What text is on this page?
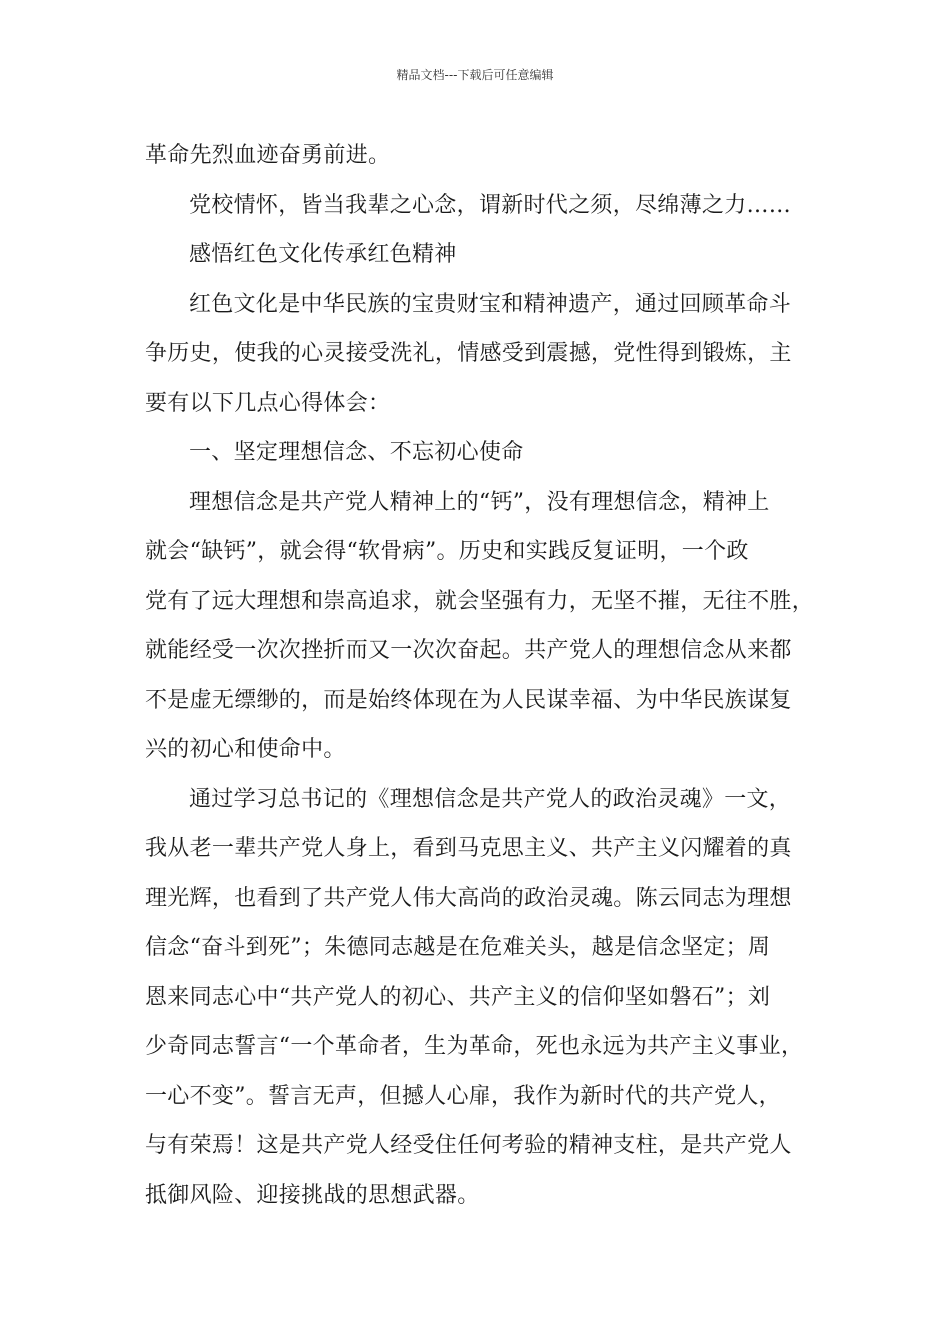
精品文档---下载后可任意编辑
革命先烈血迹奋勇前进。
党校情怀，皆当我辈之心念，谓新时代之须，尽绵薄之力……
感悟红色文化传承红色精神
红色文化是中华民族的宝贵财宝和精神遗产，通过回顾革命斗
争历史，使我的心灵接受洗礼，情感受到震撼，党性得到锻炼，主
要有以下几点心得体会：
一、坚定理想信念、不忘初心使命
理想信念是共产党人精神上的“钙”，没有理想信念，精神上
就会“缺钙”，就会得“软骨病”。历史和实践反复证明，一个政
党有了远大理想和崇高追求，就会坚强有力，无坚不摧，无往不胜，
就能经受一次次挫折而又一次次奋起。共产党人的理想信念从来都
不是虚无缥缈的，而是始终体现在为人民谋幸福、为中华民族谋复
兴的初心和使命中。
通过学习总书记的《理想信念是共产党人的政治灵魂》一文，
我从老一辈共产党人身上，看到马克思主义、共产主义闪耀着的真
理光辉，也看到了共产党人伟大高尚的政治灵魂。陈云同志为理想
信念“奋斗到死”；朱德同志越是在危难关头，越是信念坚定；周
恩来同志心中“共产党人的初心、共产主义的信仰坚如磐石”；刘
少奇同志誓言“一个革命者，生为革命，死也永远为共产主义事业，
一心不变”。誓言无声，但撼人心扉，我作为新时代的共产党人，
与有荣焉！这是共产党人经受住任何考验的精神支柱，是共产党人
抵御风险、迎接挑战的思想武器。
